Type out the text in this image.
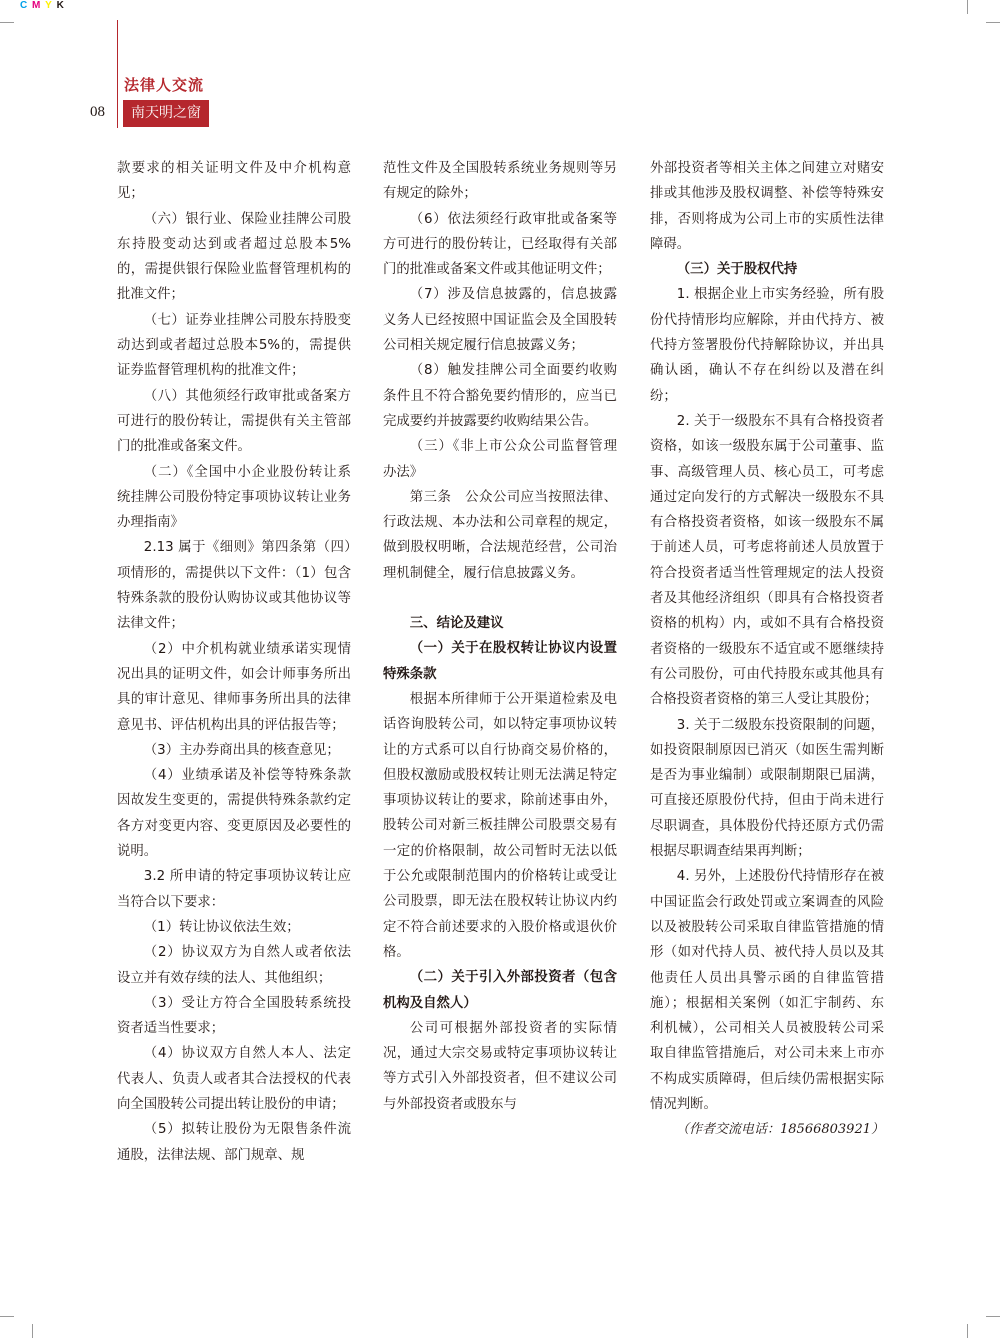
C M Y K
法律人交流
08	南天明之窗

款要求的相关证明文件及中介机构意见；

（六）银行业、保险业挂牌公司股东持股变动达到或者超过总股本5%的，需提供银行保险业监督管理机构的批准文件；

（七）证券业挂牌公司股东持股变动达到或者超过总股本5%的，需提供证券监督管理机构的批准文件；

（八）其他须经行政审批或备案方可进行的股份转让，需提供有关主管部门的批准或备案文件。

（二）《全国中小企业股份转让系统挂牌公司股份特定事项协议转让业务办理指南》

2.13 属于《细则》第四条第（四）项情形的，需提供以下文件：（1）包含特殊条款的股份认购协议或其他协议等法律文件；

（2）中介机构就业绩承诺实现情况出具的证明文件，如会计师事务所出具的审计意见、律师事务所出具的法律意见书、评估机构出具的评估报告等；

（3）主办券商出具的核查意见；

（4）业绩承诺及补偿等特殊条款因故发生变更的，需提供特殊条款约定各方对变更内容、变更原因及必要性的说明。

3.2 所申请的特定事项协议转让应当符合以下要求：

（1）转让协议依法生效；

（2）协议双方为自然人或者依法设立并有效存续的法人、其他组织；

（3）受让方符合全国股转系统投资者适当性要求；

（4）协议双方自然人本人、法定代表人、负责人或者其合法授权的代表向全国股转公司提出转让股份的申请；

（5）拟转让股份为无限售条件流通股，法律法规、部门规章、规

范性文件及全国股转系统业务规则等另有规定的除外；

（6）依法须经行政审批或备案等方可进行的股份转让，已经取得有关部门的批准或备案文件或其他证明文件；

（7）涉及信息披露的，信息披露义务人已经按照中国证监会及全国股转公司相关规定履行信息披露义务；

（8）触发挂牌公司全面要约收购条件且不符合豁免要约情形的，应当已完成要约并披露要约收购结果公告。

（三）《非上市公众公司监督管理办法》

第三条　公众公司应当按照法律、行政法规、本办法和公司章程的规定，做到股权明晰，合法规范经营，公司治理机制健全，履行信息披露义务。

三、结论及建议

（一）关于在股权转让协议内设置特殊条款

根据本所律师于公开渠道检索及电话咨询股转公司，如以特定事项协议转让的方式系可以自行协商交易价格的，但股权激励或股权转让则无法满足特定事项协议转让的要求，除前述事由外，股转公司对新三板挂牌公司股票交易有一定的价格限制，故公司暂时无法以低于公允或限制范围内的价格转让或受让公司股票，即无法在股权转让协议内约定不符合前述要求的入股价格或退伙价格。

（二）关于引入外部投资者（包含机构及自然人）

公司可根据外部投资者的实际情况，通过大宗交易或特定事项协议转让等方式引入外部投资者，但不建议公司与外部投资者或股东与

外部投资者等相关主体之间建立对赌安排或其他涉及股权调整、补偿等特殊安排，否则将成为公司上市的实质性法律障碍。

（三）关于股权代持

1. 根据企业上市实务经验，所有股份代持情形均应解除，并由代持方、被代持方签署股份代持解除协议，并出具确认函，确认不存在纠纷以及潜在纠纷；

2. 关于一级股东不具有合格投资者资格，如该一级股东属于公司董事、监事、高级管理人员、核心员工，可考虑通过定向发行的方式解决一级股东不具有合格投资者资格，如该一级股东不属于前述人员，可考虑将前述人员放置于符合投资者适当性管理规定的法人投资者及其他经济组织（即具有合格投资者资格的机构）内，或如不具有合格投资者资格的一级股东不适宜或不愿继续持有公司股份，可由代持股东或其他具有合格投资者资格的第三人受让其股份；

3. 关于二级股东投资限制的问题，如投资限制原因已消灭（如医生需判断是否为事业编制）或限制期限已届满，可直接还原股份代持，但由于尚未进行尽职调查，具体股份代持还原方式仍需根据尽职调查结果再判断；

4. 另外，上述股份代持情形存在被中国证监会行政处罚或立案调查的风险以及被股转公司采取自律监管措施的情形（如对代持人员、被代持人员以及其他责任人员出具警示函的自律监管措施）；根据相关案例（如汇宇制药、东利机械），公司相关人员被股转公司采取自律监管措施后，对公司未来上市亦不构成实质障碍，但后续仍需根据实际情况判断。

（作者交流电话：18566803921）
